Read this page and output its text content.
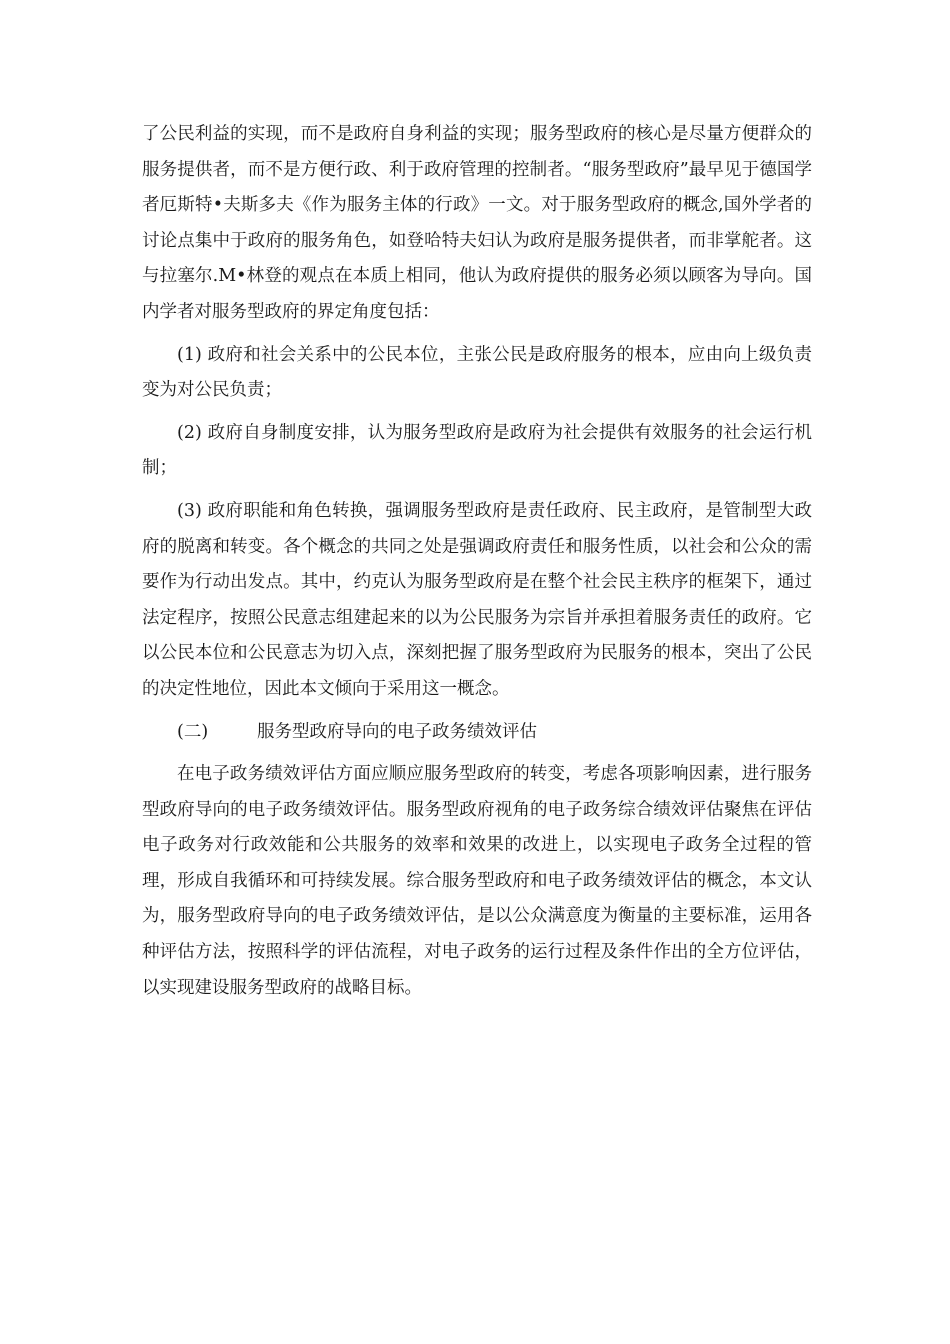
了公民利益的实现，而不是政府自身利益的实现；服务型政府的核心是尽量方便群众的服务提供者，而不是方便行政、利于政府管理的控制者。“服务型政府”最早见于德国学者厄斯特•夫斯多夫《作为服务主体的行政》一文。对于服务型政府的概念,国外学者的讨论点集中于政府的服务角色，如登哈特夫妇认为政府是服务提供者，而非掌舵者。这与拉塞尔.M•林登的观点在本质上相同，他认为政府提供的服务必须以顾客为导向。国内学者对服务型政府的界定角度包括：

(1) 政府和社会关系中的公民本位，主张公民是政府服务的根本，应由向上级负责变为对公民负责；

(2) 政府自身制度安排，认为服务型政府是政府为社会提供有效服务的社会运行机制；

(3) 政府职能和角色转换，强调服务型政府是责任政府、民主政府，是管制型大政府的脱离和转变。各个概念的共同之处是强调政府责任和服务性质，以社会和公众的需要作为行动出发点。其中，约克认为服务型政府是在整个社会民主秩序的框架下，通过法定程序，按照公民意志组建起来的以为公民服务为宗旨并承担着服务责任的政府。它以公民本位和公民意志为切入点，深刻把握了服务型政府为民服务的根本，突出了公民的决定性地位，因此本文倾向于采用这一概念。

(二)	服务型政府导向的电子政务绩效评估

在电子政务绩效评估方面应顺应服务型政府的转变，考虑各项影响因素，进行服务型政府导向的电子政务绩效评估。服务型政府视角的电子政务综合绩效评估聚焦在评估电子政务对行政效能和公共服务的效率和效果的改进上，以实现电子政务全过程的管理，形成自我循环和可持续发展。综合服务型政府和电子政务绩效评估的概念，本文认为，服务型政府导向的电子政务绩效评估，是以公众满意度为衡量的主要标准，运用各种评估方法，按照科学的评估流程，对电子政务的运行过程及条件作出的全方位评估，以实现建设服务型政府的战略目标。
